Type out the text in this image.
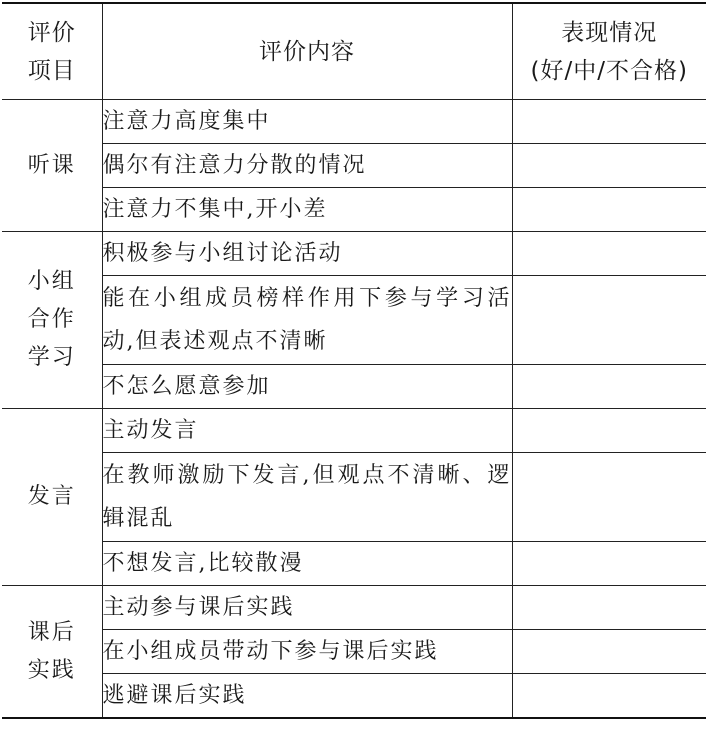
评价
项目	评价内容	表现情况
(好/中/不合格)

听课	注意力高度集中	
	偶尔有注意力分散的情况	
	注意力不集中,开小差	

小组
合作
学习	积极参与小组讨论活动	
	能在小组成员榜样作用下参与学习活动,但表述观点不清晰	
	不怎么愿意参加	

发言	主动发言	
	在教师激励下发言,但观点不清晰、逻辑混乱	
	不想发言,比较散漫	

课后
实践	主动参与课后实践	
	在小组成员带动下参与课后实践	
	逃避课后实践	
